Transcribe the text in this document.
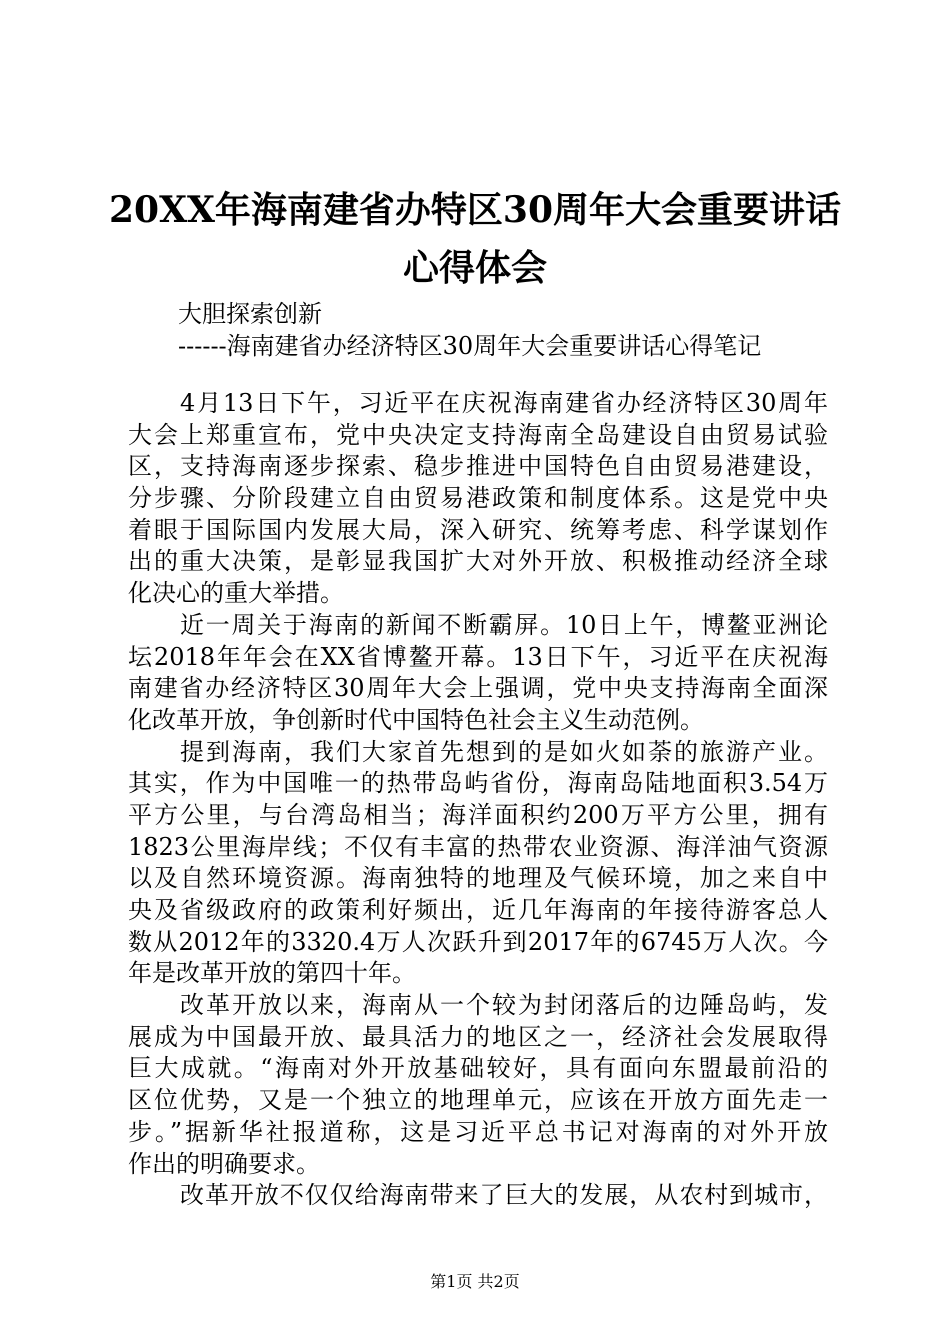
20XX年海南建省办特区30周年大会重要讲话
心得体会
大胆探索创新
------海南建省办经济特区30周年大会重要讲话心得笔记
4月13日下午，习近平在庆祝海南建省办经济特区30周年
大会上郑重宣布，党中央决定支持海南全岛建设自由贸易试验
区，支持海南逐步探索、稳步推进中国特色自由贸易港建设，
分步骤、分阶段建立自由贸易港政策和制度体系。这是党中央
着眼于国际国内发展大局，深入研究、统筹考虑、科学谋划作
出的重大决策，是彰显我国扩大对外开放、积极推动经济全球
化决心的重大举措。
近一周关于海南的新闻不断霸屏。10日上午，博鳌亚洲论
坛2018年年会在XX省博鳌开幕。13日下午，习近平在庆祝海
南建省办经济特区30周年大会上强调，党中央支持海南全面深
化改革开放，争创新时代中国特色社会主义生动范例。
提到海南，我们大家首先想到的是如火如荼的旅游产业。
其实，作为中国唯一的热带岛屿省份，海南岛陆地面积3.54万
平方公里，与台湾岛相当；海洋面积约200万平方公里，拥有
1823公里海岸线；不仅有丰富的热带农业资源、海洋油气资源
以及自然环境资源。海南独特的地理及气候环境，加之来自中
央及省级政府的政策利好频出，近几年海南的年接待游客总人
数从2012年的3320.4万人次跃升到2017年的6745万人次。今
年是改革开放的第四十年。
改革开放以来，海南从一个较为封闭落后的边陲岛屿，发
展成为中国最开放、最具活力的地区之一，经济社会发展取得
巨大成就。“海南对外开放基础较好，具有面向东盟最前沿的
区位优势，又是一个独立的地理单元，应该在开放方面先走一
步。”据新华社报道称，这是习近平总书记对海南的对外开放
作出的明确要求。
改革开放不仅仅给海南带来了巨大的发展，从农村到城市，
第1页 共2页
